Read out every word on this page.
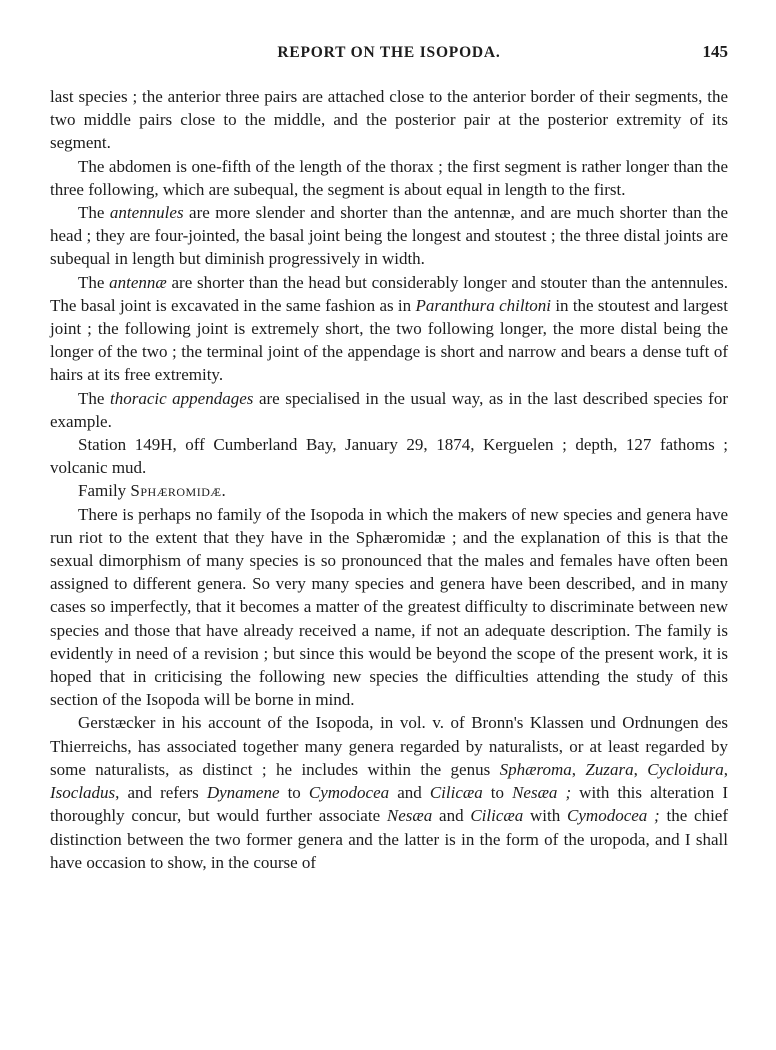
REPORT ON THE ISOPODA.	145

last species ; the anterior three pairs are attached close to the anterior border of their segments, the two middle pairs close to the middle, and the posterior pair at the posterior extremity of its segment.

The abdomen is one-fifth of the length of the thorax ; the first segment is rather longer than the three following, which are subequal, the segment is about equal in length to the first.

The antennules are more slender and shorter than the antennæ, and are much shorter than the head ; they are four-jointed, the basal joint being the longest and stoutest ; the three distal joints are subequal in length but diminish progressively in width.

The antennæ are shorter than the head but considerably longer and stouter than the antennules. The basal joint is excavated in the same fashion as in Paranthura chiltoni in the stoutest and largest joint ; the following joint is extremely short, the two following longer, the more distal being the longer of the two ; the terminal joint of the appendage is short and narrow and bears a dense tuft of hairs at its free extremity.

The thoracic appendages are specialised in the usual way, as in the last described species for example.

Station 149H, off Cumberland Bay, January 29, 1874, Kerguelen ; depth, 127 fathoms ; volcanic mud.

Family Sphæromidæ.

There is perhaps no family of the Isopoda in which the makers of new species and genera have run riot to the extent that they have in the Sphæromidæ ; and the explanation of this is that the sexual dimorphism of many species is so pronounced that the males and females have often been assigned to different genera. So very many species and genera have been described, and in many cases so imperfectly, that it becomes a matter of the greatest difficulty to discriminate between new species and those that have already received a name, if not an adequate description. The family is evidently in need of a revision ; but since this would be beyond the scope of the present work, it is hoped that in criticising the following new species the difficulties attending the study of this section of the Isopoda will be borne in mind.

Gerstæcker in his account of the Isopoda, in vol. v. of Bronn's Klassen und Ordnungen des Thierreichs, has associated together many genera regarded by naturalists, or at least regarded by some naturalists, as distinct ; he includes within the genus Sphæroma, Zuzara, Cycloidura, Isocladus, and refers Dynamene to Cymodocea and Cilicæa to Nesæa ; with this alteration I thoroughly concur, but would further associate Nesæa and Cilicæa with Cymodocea ; the chief distinction between the two former genera and the latter is in the form of the uropoda, and I shall have occasion to show, in the course of
